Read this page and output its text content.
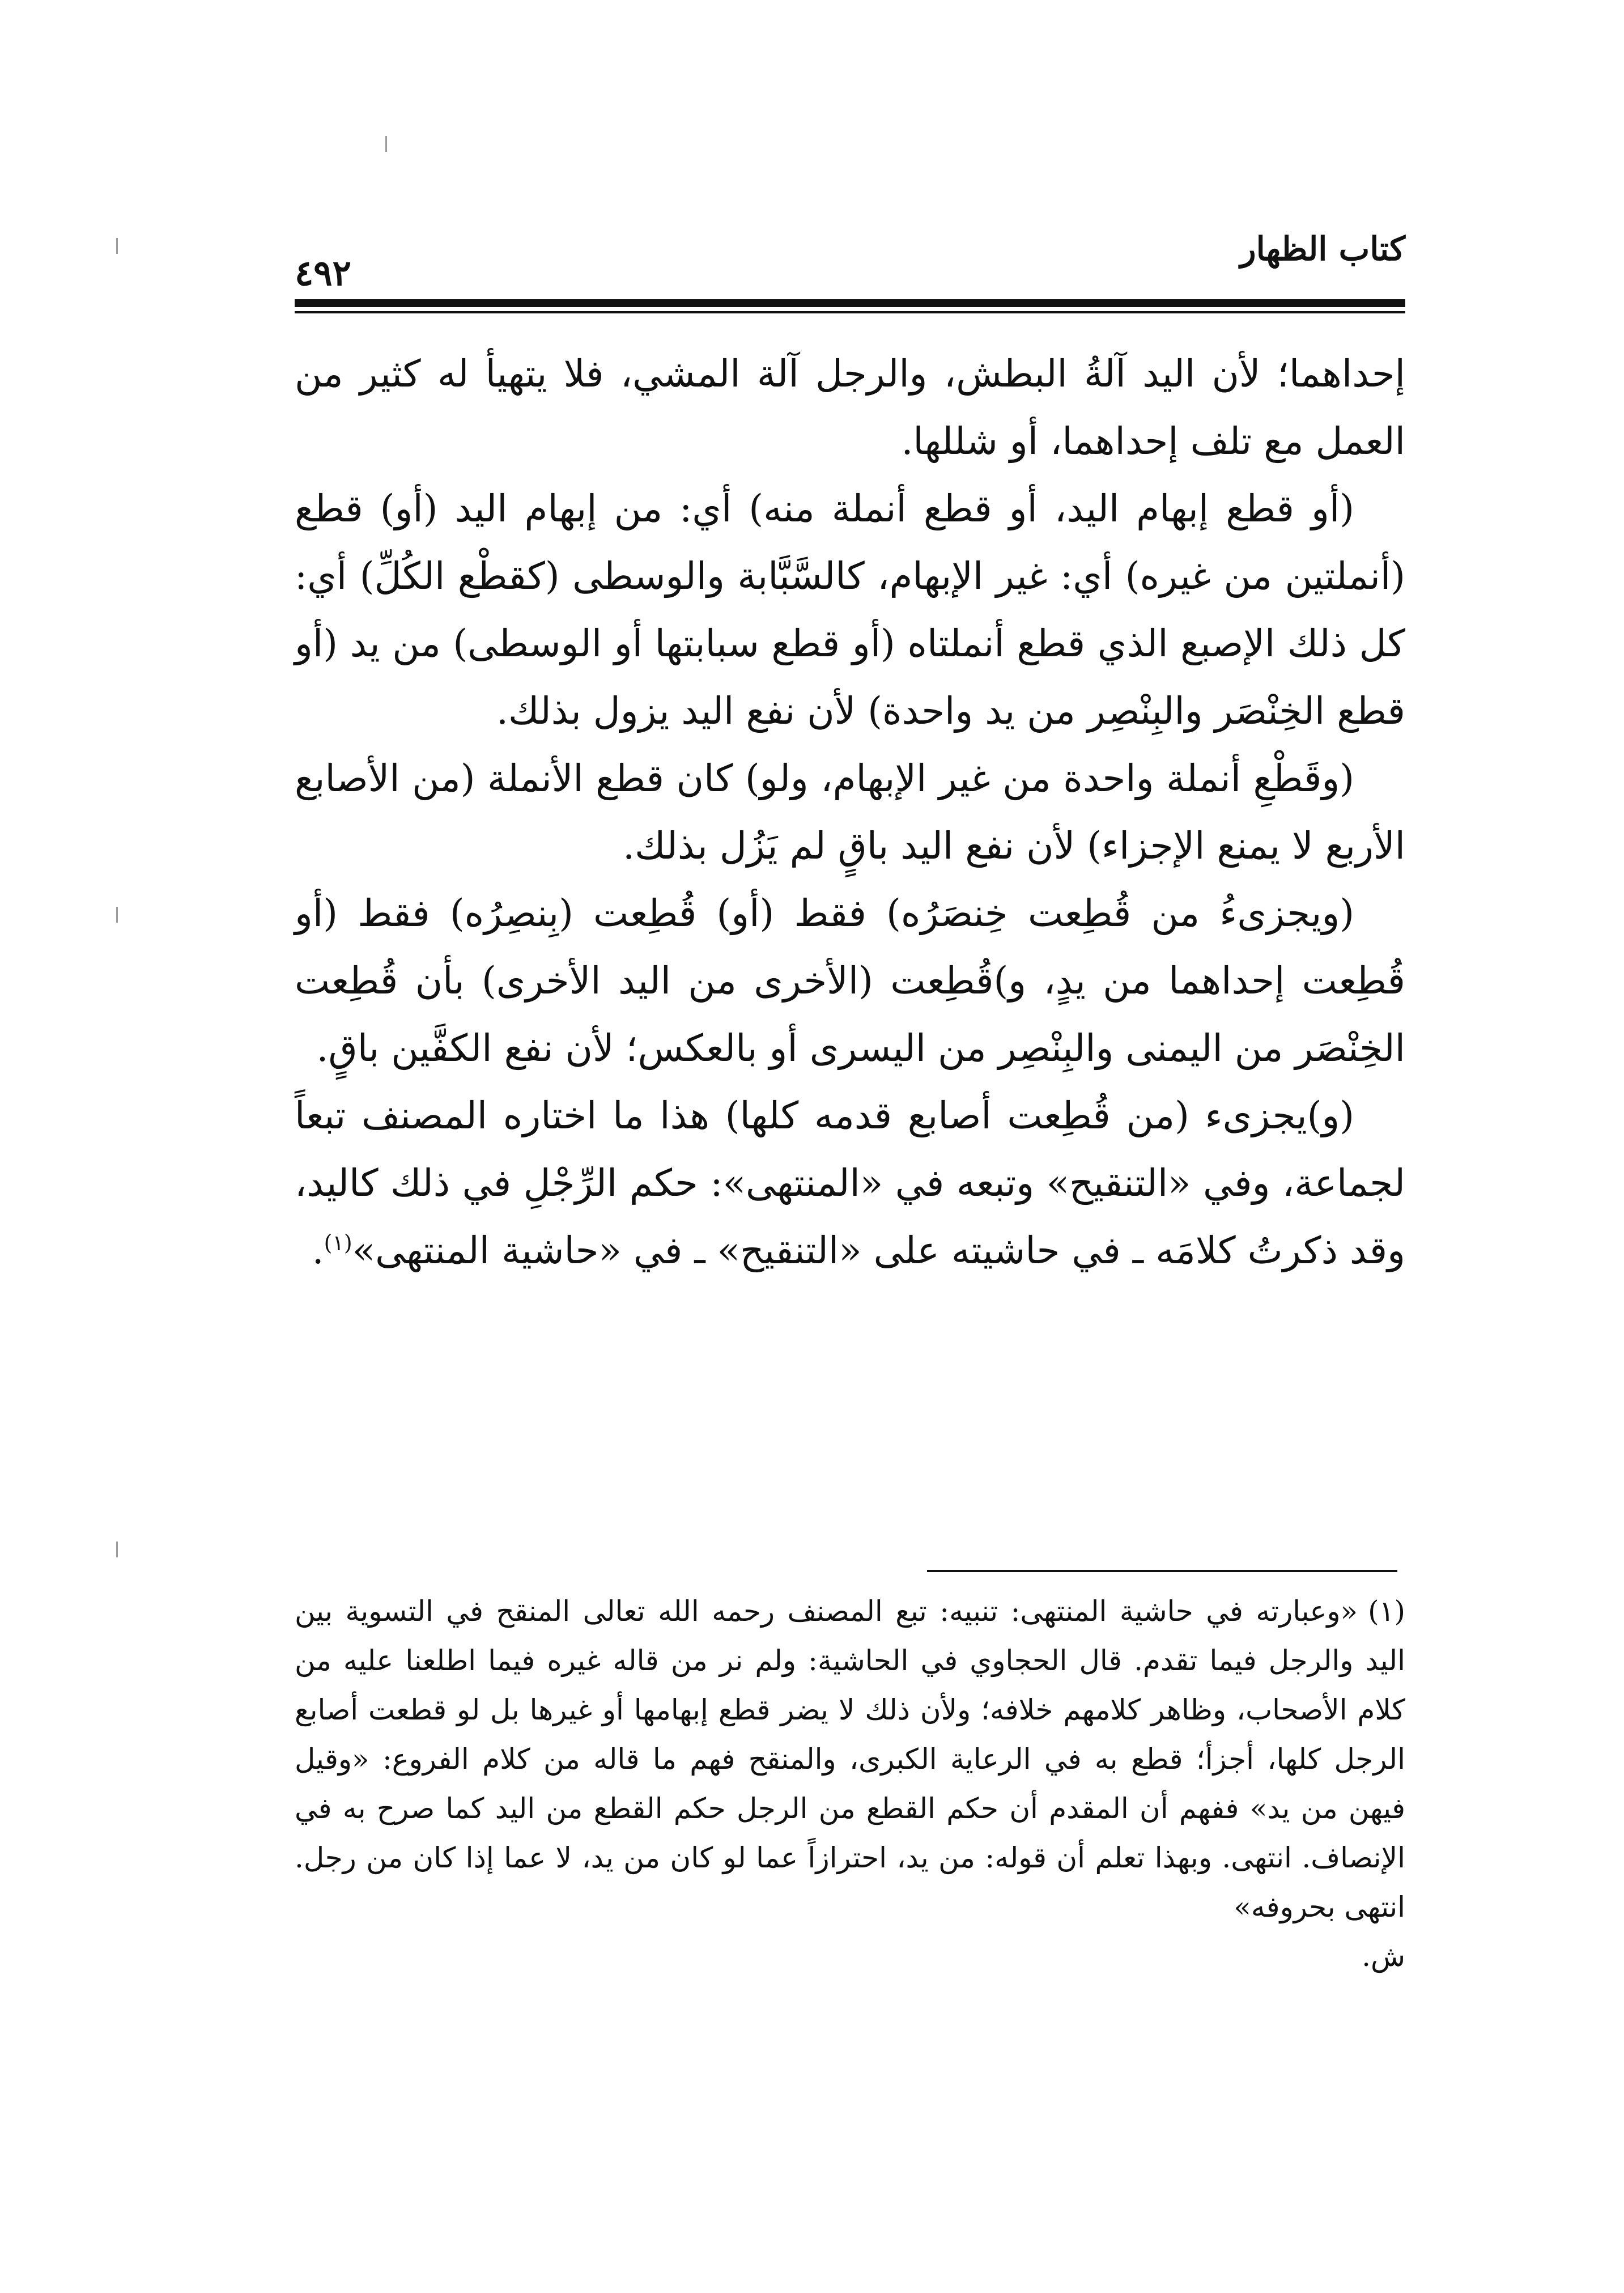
كتاب الظهار
٤٩٢

إحداهما؛ لأن اليد آلةُ البطش، والرجل آلة المشي، فلا يتهيأ له كثير من العمل مع تلف إحداهما، أو شللها.

(أو قطع إبهام اليد، أو قطع أنملة منه) أي: من إبهام اليد (أو) قطع (أنملتين من غيره) أي: غير الإبهام، كالسَّبَّابة والوسطى (كقطْع الكُلِّ) أي: كل ذلك الإصبع الذي قطع أنملتاه (أو قطع سبابتها أو الوسطى) من يد (أو قطع الخِنْصَر والبِنْصِر من يد واحدة) لأن نفع اليد يزول بذلك.

(وقَطْعِ أنملة واحدة من غير الإبهام، ولو) كان قطع الأنملة (من الأصابع الأربع لا يمنع الإجزاء) لأن نفع اليد باقٍ لم يَزُل بذلك.

(ويجزىءُ من قُطِعت خِنصَرُه) فقط (أو) قُطِعت (بِنصِرُه) فقط (أو قُطِعت إحداهما من يدٍ، و)قُطِعت (الأخرى من اليد الأخرى) بأن قُطِعت الخِنْصَر من اليمنى والبِنْصِر من اليسرى أو بالعكس؛ لأن نفع الكفَّين باقٍ.

(و)يجزىء (من قُطِعت أصابع قدمه كلها) هذا ما اختاره المصنف تبعاً لجماعة، وفي «التنقيح» وتبعه في «المنتهى»: حكم الرِّجْلِ في ذلك كاليد، وقد ذكرتُ كلامَه ـ في حاشيته على «التنقيح» ـ في «حاشية المنتهى»$^{(١)}$.

(١)«وعبارته في حاشية المنتهى: تنبيه: تبع المصنف رحمه الله تعالى المنقح في التسوية بين اليد والرجل فيما تقدم. قال الحجاوي في الحاشية: ولم نر من قاله غيره فيما اطلعنا عليه من كلام الأصحاب، وظاهر كلامهم خلافه؛ ولأن ذلك لا يضر قطع إبهامها أو غيرها بل لو قطعت أصابع الرجل كلها، أجزأ؛ قطع به في الرعاية الكبرى، والمنقح فهم ما قاله من كلام الفروع: «وقيل فيهن من يد» ففهم أن المقدم أن حكم القطع من الرجل حكم القطع من اليد كما صرح به في الإنصاف. انتهى. وبهذا تعلم أن قوله: من يد، احترازاً عما لو كان من يد، لا عما إذا كان من رجل. انتهى بحروفه»

ش.
